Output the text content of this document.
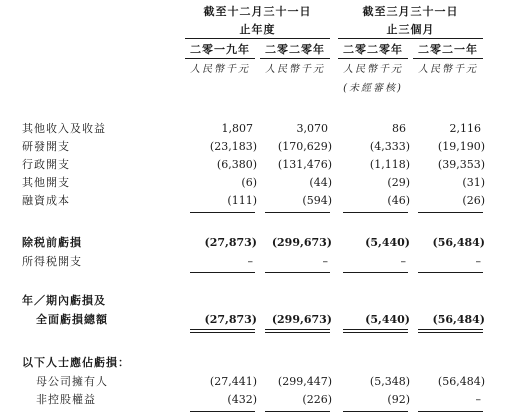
截至十二月三十一日
止年度
截至三月三十一日
止三個月
二零一九年	二零二零年	二零二零年	二零二一年
人民幣千元	人民幣千元	人民幣千元	人民幣千元
(未經審核)
其他收入及收益	1,807	3,070	86	2,116
研發開支	(23,183)	(170,629)	(4,333)	(19,190)
行政開支	(6,380)	(131,476)	(1,118)	(39,353)
其他開支	(6)	(44)	(29)	(31)
融資成本	(111)	(594)	(46)	(26)
除税前虧損	(27,873)	(299,673)	(5,440)	(56,484)
所得税開支	–	–	–	–
年／期內虧損及
全面虧損總額	(27,873)	(299,673)	(5,440)	(56,484)
以下人士應佔虧損：
母公司擁有人	(27,441)	(299,447)	(5,348)	(56,484)
非控股權益	(432)	(226)	(92)	–
